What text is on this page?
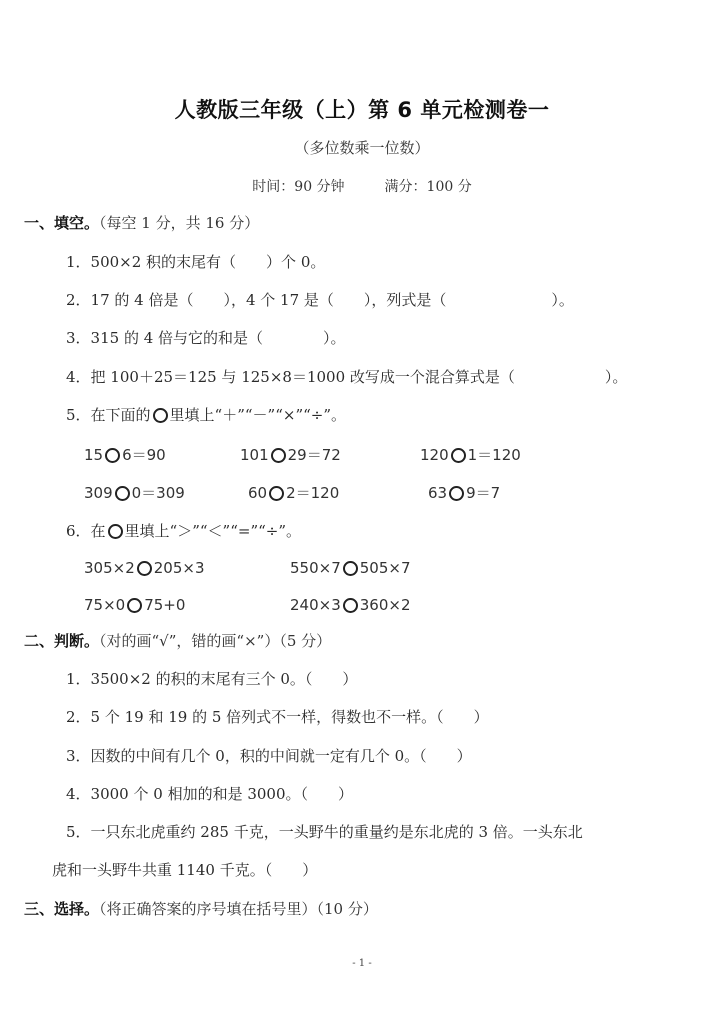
人教版三年级（上）第 6 单元检测卷一
（多位数乘一位数）
时间：90 分钟	满分：100 分
一、填空。（每空 1 分，共 16 分）
1．500×2 积的末尾有（　　）个 0。
2．17 的 4 倍是（　　），4 个 17 是（　　），列式是（　　　　　　　）。
3．315 的 4 倍与它的和是（　　　　）。
4．把 100＋25＝125 与 125×8＝1000 改写成一个混合算式是（　　　　　　）。
5．在下面的 里填上“＋”“－”“×”“÷”。
15 6＝90	101 29＝72	120 1＝120
309 0＝309	60 2＝120	63 9＝7
6．在 里填上“＞”“＜”“=”“÷”。
305×2 205×3	550×7 505×7
75×0 75+0	240×3 360×2
二、判断。（对的画“√”，错的画“×”）（5 分）
1．3500×2 的积的末尾有三个 0。（　　）
2．5 个 19 和 19 的 5 倍列式不一样，得数也不一样。（　　）
3．因数的中间有几个 0，积的中间就一定有几个 0。（　　）
4．3000 个 0 相加的和是 3000。（　　）
5．一只东北虎重约 285 千克，一头野牛的重量约是东北虎的 3 倍。一头东北
虎和一头野牛共重 1140 千克。（　　）
三、选择。（将正确答案的序号填在括号里）（10 分）
- 1 -
